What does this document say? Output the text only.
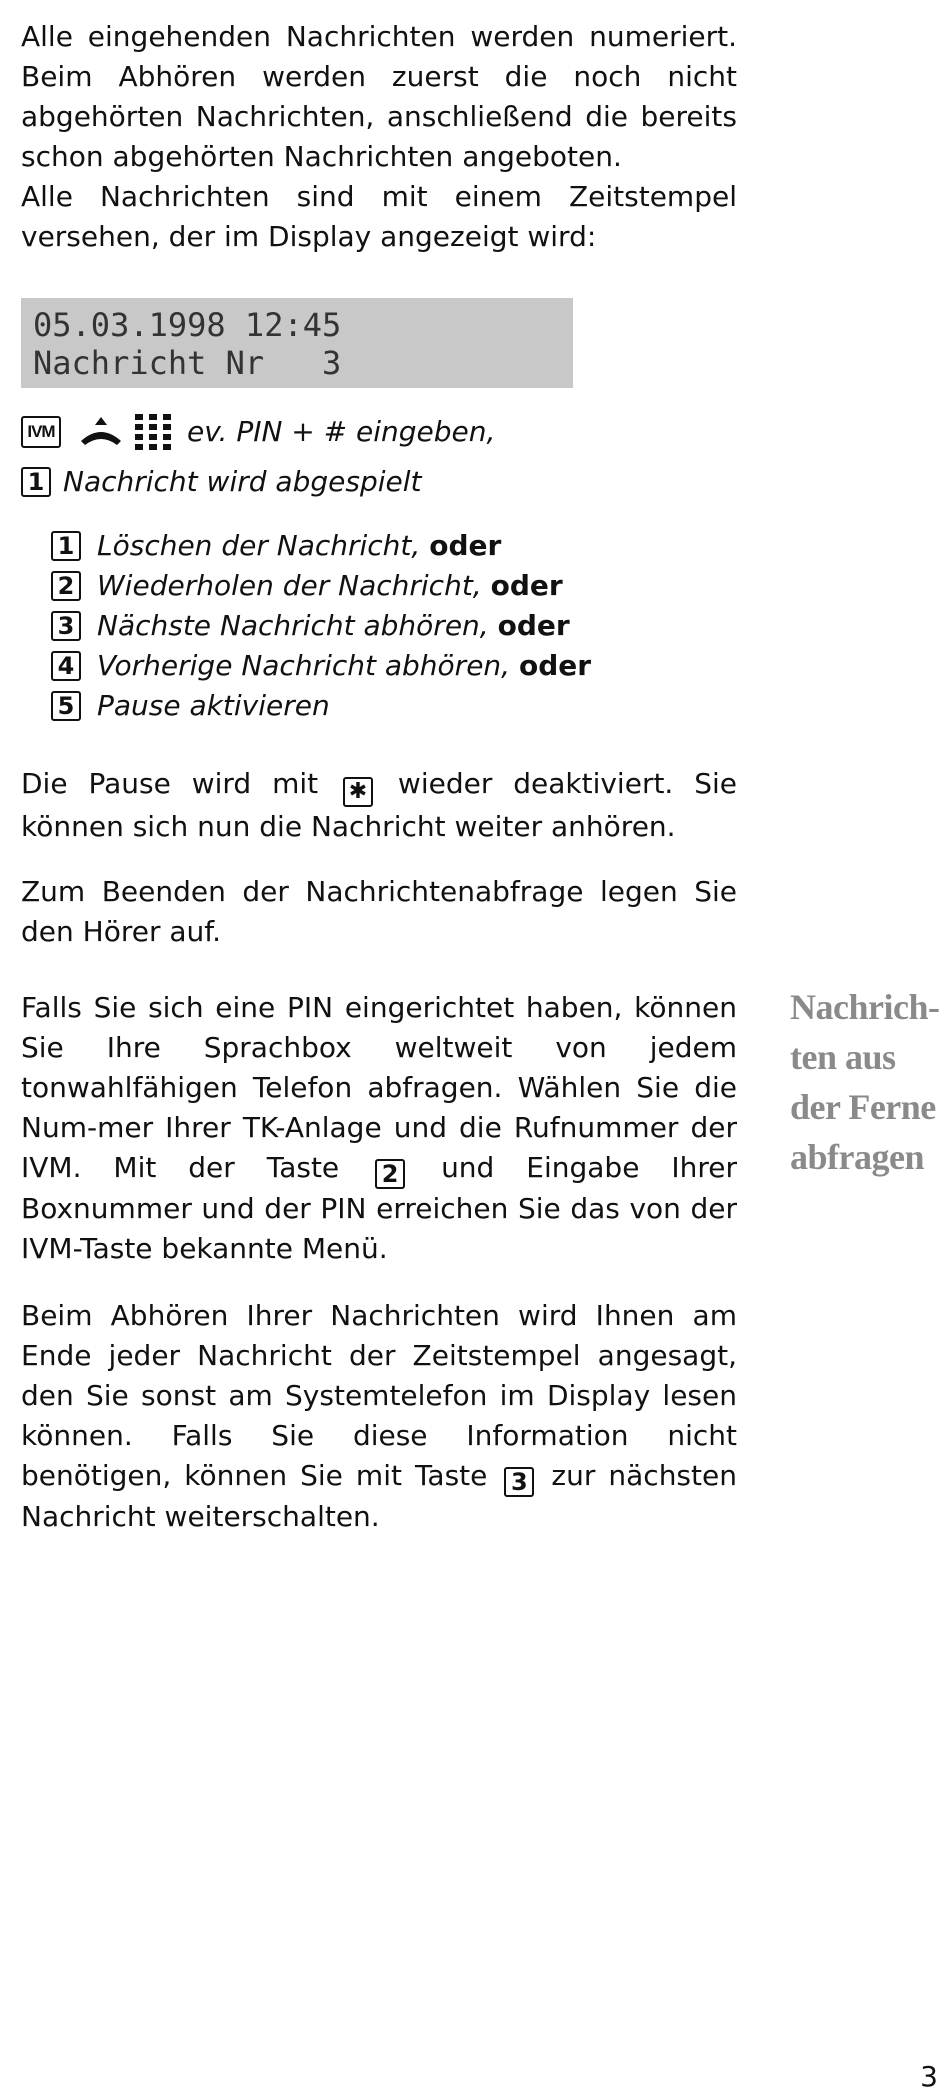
Alle eingehenden Nachrichten werden numeriert. Beim Abhören werden zuerst die noch nicht abgehörten Nachrichten, anschließend die bereits schon abgehörten Nachrichten angeboten.

Alle Nachrichten sind mit einem Zeitstempel versehen, der im Display angezeigt wird:

05.03.1998 12:45
Nachricht Nr   3
IVM	ev. PIN + # eingeben,
1 Nachricht wird abgespielt
1 Löschen der Nachricht,
oder
2 Wiederholen der Nachricht,
oder
3 Nächste Nachricht abhören,
oder
4 Vorherige Nachricht abhören,
oder
5 Pause aktivieren
Die Pause wird mit ✱ wieder deaktiviert. Sie können sich nun die Nachricht weiter anhören.
Zum Beenden der Nachrichtenabfrage legen Sie den Hörer auf.
Falls Sie sich eine PIN eingerichtet haben, können Sie Ihre Sprachbox weltweit von jedem tonwahlfähigen Telefon abfragen. Wählen Sie die Num-mer Ihrer TK-Anlage und die Rufnummer der IVM. Mit der Taste 2 und Eingabe Ihrer Boxnummer und der PIN erreichen Sie das von der IVM-Taste bekannte Menü.
Beim Abhören Ihrer Nachrichten wird Ihnen am Ende jeder Nachricht der Zeitstempel angesagt, den Sie sonst am Systemtelefon im Display lesen können. Falls Sie diese Information nicht benötigen, können Sie mit Taste 3 zur nächsten Nachricht weiterschalten.
Nachrich-
ten aus
der Ferne
abfragen
3
